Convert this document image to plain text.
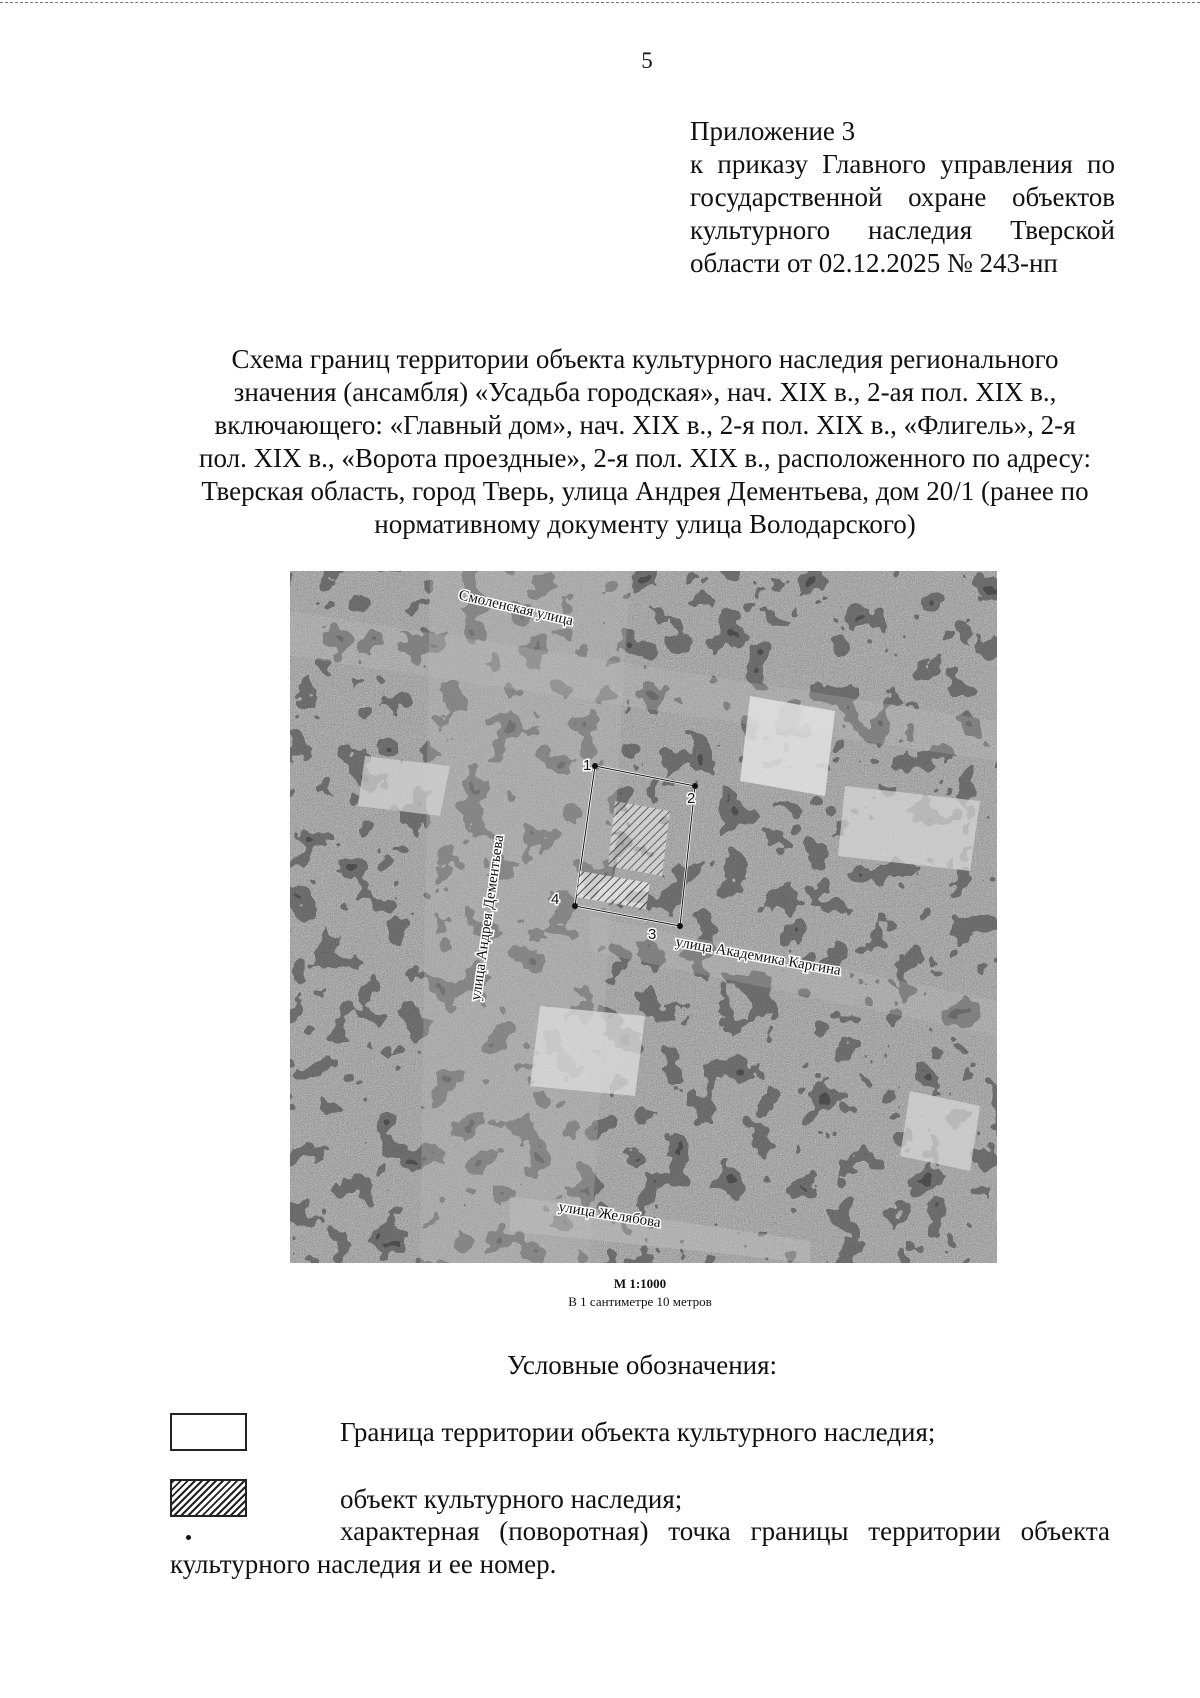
5
Приложение 3
к приказу Главного управления по
государственной охране объектов
культурного наследия Тверской
области от 02.12.2025 № 243-нп
Схема границ территории объекта культурного наследия регионального
значения (ансамбля) «Усадьба городская», нач. XIX в., 2-ая пол. XIX в.,
включающего: «Главный дом», нач. XIX в., 2-я пол. XIX в., «Флигель», 2-я
пол. XIX в., «Ворота проездные», 2-я пол. XIX в., расположенного по адресу:
Тверская область, город Тверь, улица Андрея Дементьева, дом 20/1 (ранее по
нормативному документу улица Володарского)
1
2
3
4
Смоленская улица
улица Андрея Дементьева	улица Академика Каргина
улица Желябова
М 1:1000
В 1 сантиметре 10 метров
Условные обозначения:
Граница территории объекта культурного наследия;
объект культурного наследия;
характерная (поворотная) точка границы территории объекта
культурного наследия и ее номер.
